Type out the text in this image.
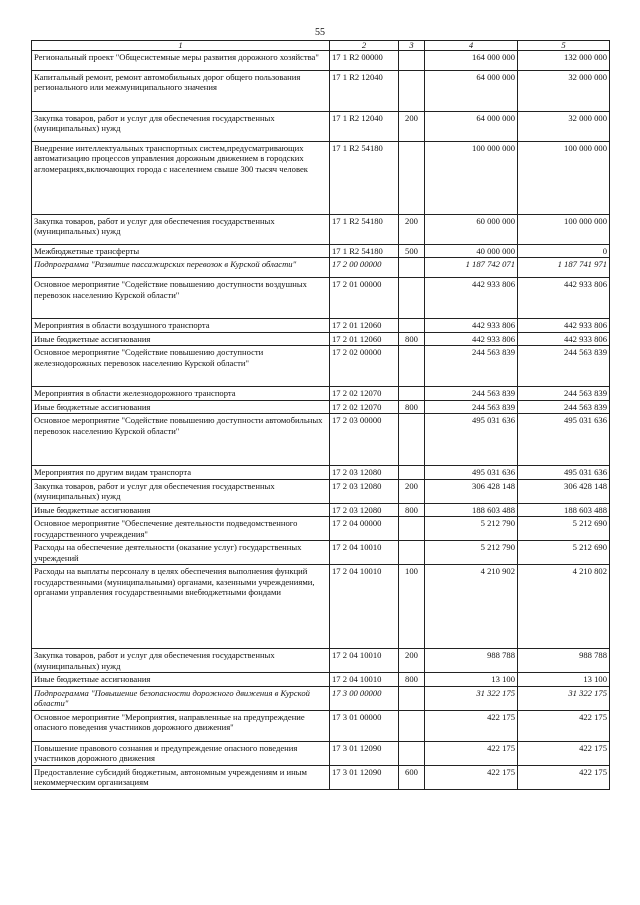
55
1	2	3	4	5
Региональный проект "Общесистемные меры развития дорожного хозяйства"	17 1 R2 00000		164 000 000	132 000 000
Капитальный ремонт, ремонт автомобильных дорог общего пользования регионального или межмуниципального значения	17 1 R2 12040		64 000 000	32 000 000
Закупка товаров, работ и услуг для обеспечения государственных (муниципальных) нужд	17 1 R2 12040	200	64 000 000	32 000 000
Внедрение интеллектуальных транспортных систем,предусматривающих автоматизацию процессов управления дорожным движением в городских агломерациях,включающих города с населением свыше 300 тысяч человек	17 1 R2 54180		100 000 000	100 000 000
Закупка товаров, работ и услуг для обеспечения государственных (муниципальных) нужд	17 1 R2 54180	200	60 000 000	100 000 000
Межбюджетные трансферты	17 1 R2 54180	500	40 000 000	0
Подпрограмма "Развитие пассажирских перевозок в Курской области"	17 2 00 00000		1 187 742 071	1 187 741 971
Основное мероприятие "Содействие повышению доступности воздушных перевозок населению Курской области"	17 2 01 00000		442 933 806	442 933 806
Мероприятия в области воздушного транспорта	17 2 01 12060		442 933 806	442 933 806
Иные бюджетные ассигнования	17 2 01 12060	800	442 933 806	442 933 806
Основное мероприятие "Содействие повышению доступности железнодорожных перевозок населению Курской области"	17 2 02 00000		244 563 839	244 563 839
Мероприятия в области железнодорожного транспорта	17 2 02 12070		244 563 839	244 563 839
Иные бюджетные ассигнования	17 2 02 12070	800	244 563 839	244 563 839
Основное мероприятие "Содействие повышению доступности автомобильных перевозок населению Курской области"	17 2 03 00000		495 031 636	495 031 636
Мероприятия по другим видам транспорта	17 2 03 12080		495 031 636	495 031 636
Закупка товаров, работ и услуг для обеспечения государственных (муниципальных) нужд	17 2 03 12080	200	306 428 148	306 428 148
Иные бюджетные ассигнования	17 2 03 12080	800	188 603 488	188 603 488
Основное мероприятие "Обеспечение деятельности подведомственного государственного учреждения"	17 2 04 00000		5 212 790	5 212 690
Расходы на обеспечение деятельности (оказание услуг) государственных учреждений	17 2 04 10010		5 212 790	5 212 690
Расходы на выплаты персоналу в целях обеспечения выполнения функций государственными (муниципальными) органами, казенными учреждениями, органами управления государственными внебюджетными фондами	17 2 04 10010	100	4 210 902	4 210 802
Закупка товаров, работ и услуг для обеспечения государственных (муниципальных) нужд	17 2 04 10010	200	988 788	988 788
Иные бюджетные ассигнования	17 2 04 10010	800	13 100	13 100
Подпрограмма "Повышение безопасности дорожного движения в Курской области"	17 3 00 00000		31 322 175	31 322 175
Основное мероприятие "Мероприятия, направленные на предупреждение опасного поведения участников дорожного движения"	17 3 01 00000		422 175	422 175
Повышение правового сознания и предупреждение опасного поведения участников дорожного движения	17 3 01 12090		422 175	422 175
Предоставление субсидий бюджетным, автономным учреждениям и иным некоммерческим организациям	17 3 01 12090	600	422 175	422 175
